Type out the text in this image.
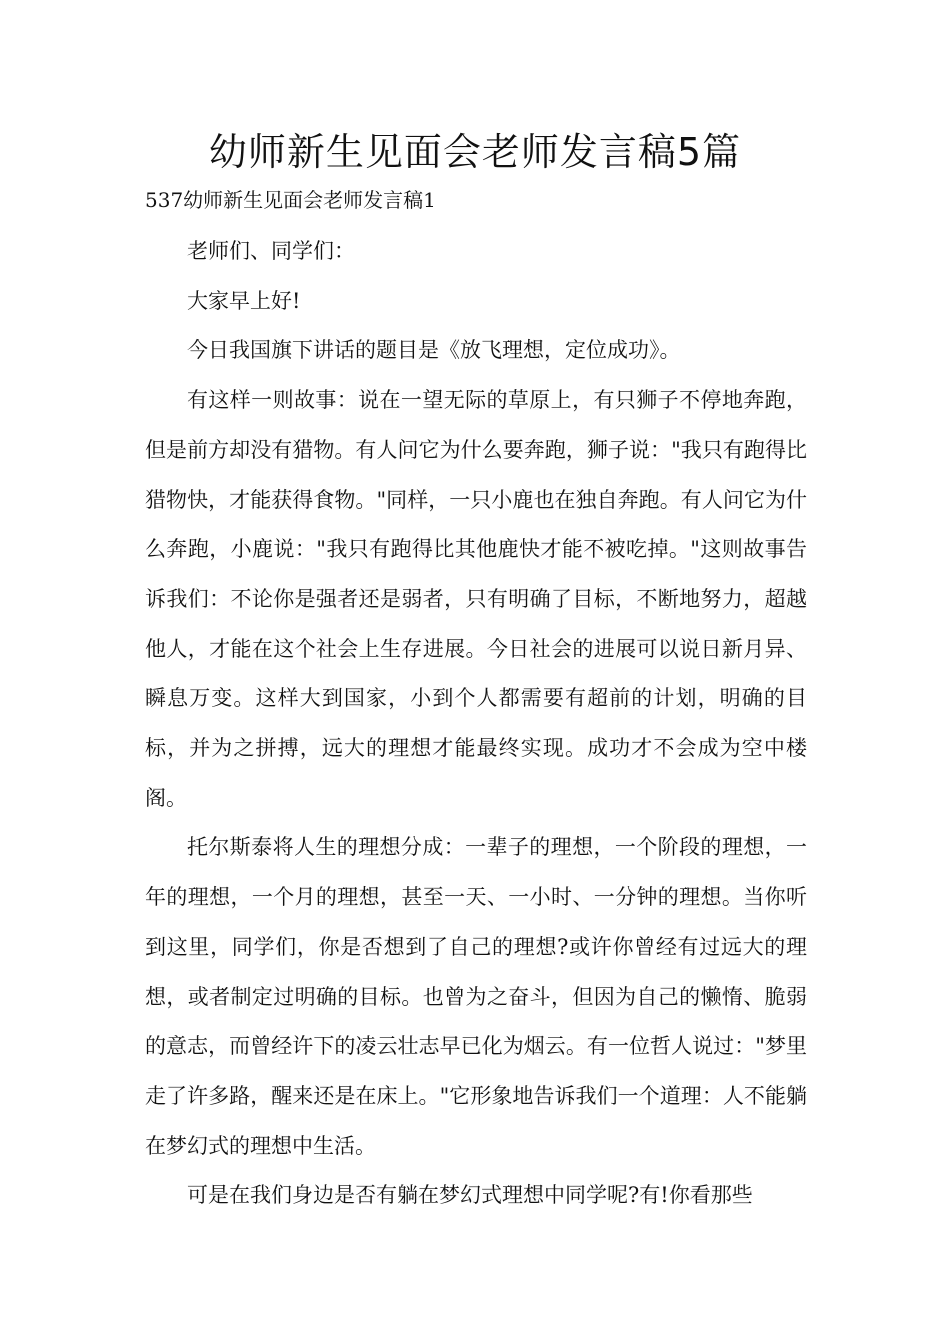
幼师新生见面会老师发言稿5篇
537幼师新生见面会老师发言稿1

老师们、同学们：

大家早上好!

今日我国旗下讲话的题目是《放飞理想，定位成功》。

有这样一则故事：说在一望无际的草原上，有只狮子不停地奔跑，但是前方却没有猎物。有人问它为什么要奔跑，狮子说："我只有跑得比猎物快，才能获得食物。"同样，一只小鹿也在独自奔跑。有人问它为什么奔跑，小鹿说："我只有跑得比其他鹿快才能不被吃掉。"这则故事告诉我们：不论你是强者还是弱者，只有明确了目标，不断地努力，超越他人，才能在这个社会上生存进展。今日社会的进展可以说日新月异、瞬息万变。这样大到国家，小到个人都需要有超前的计划，明确的目标，并为之拼搏，远大的理想才能最终实现。成功才不会成为空中楼阁。

托尔斯泰将人生的理想分成：一辈子的理想，一个阶段的理想，一年的理想，一个月的理想，甚至一天、一小时、一分钟的理想。当你听到这里，同学们，你是否想到了自己的理想?或许你曾经有过远大的理想，或者制定过明确的目标。也曾为之奋斗，但因为自己的懒惰、脆弱的意志，而曾经许下的凌云壮志早已化为烟云。有一位哲人说过："梦里走了许多路，醒来还是在床上。"它形象地告诉我们一个道理：人不能躺在梦幻式的理想中生活。

可是在我们身边是否有躺在梦幻式理想中同学呢?有!你看那些
